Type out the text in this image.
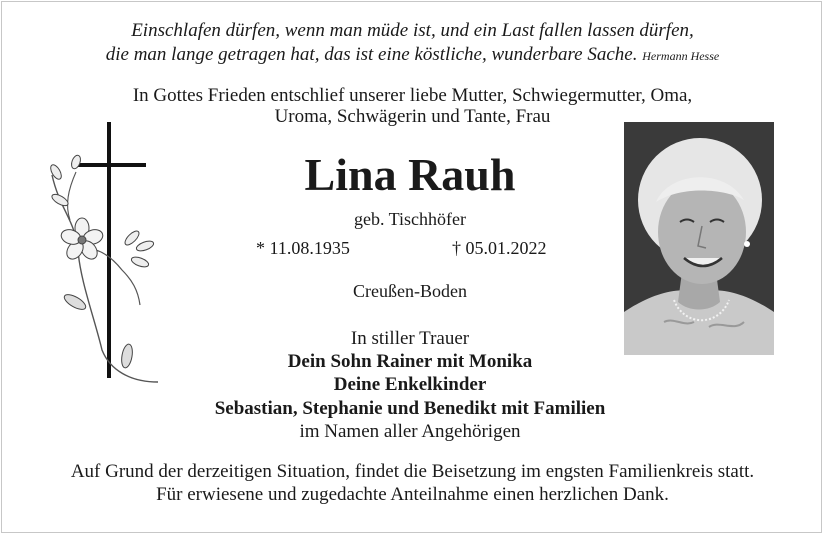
Einschlafen dürfen, wenn man müde ist, und ein Last fallen lassen dürfen,
die man lange getragen hat, das ist eine köstliche, wunderbare Sache. Hermann Hesse
In Gottes Frieden entschlief unserer liebe Mutter, Schwiegermutter, Oma,
Uroma, Schwägerin und Tante, Frau
Lina Rauh
geb. Tischhöfer
* 11.08.1935	† 05.01.2022
Creußen-Boden
In stiller Trauer
Dein Sohn Rainer mit Monika
Deine Enkelkinder
Sebastian, Stephanie und Benedikt mit Familien
im Namen aller Angehörigen
Auf Grund der derzeitigen Situation, findet die Beisetzung im engsten Familienkreis statt.
Für erwiesene und zugedachte Anteilnahme einen herzlichen Dank.
